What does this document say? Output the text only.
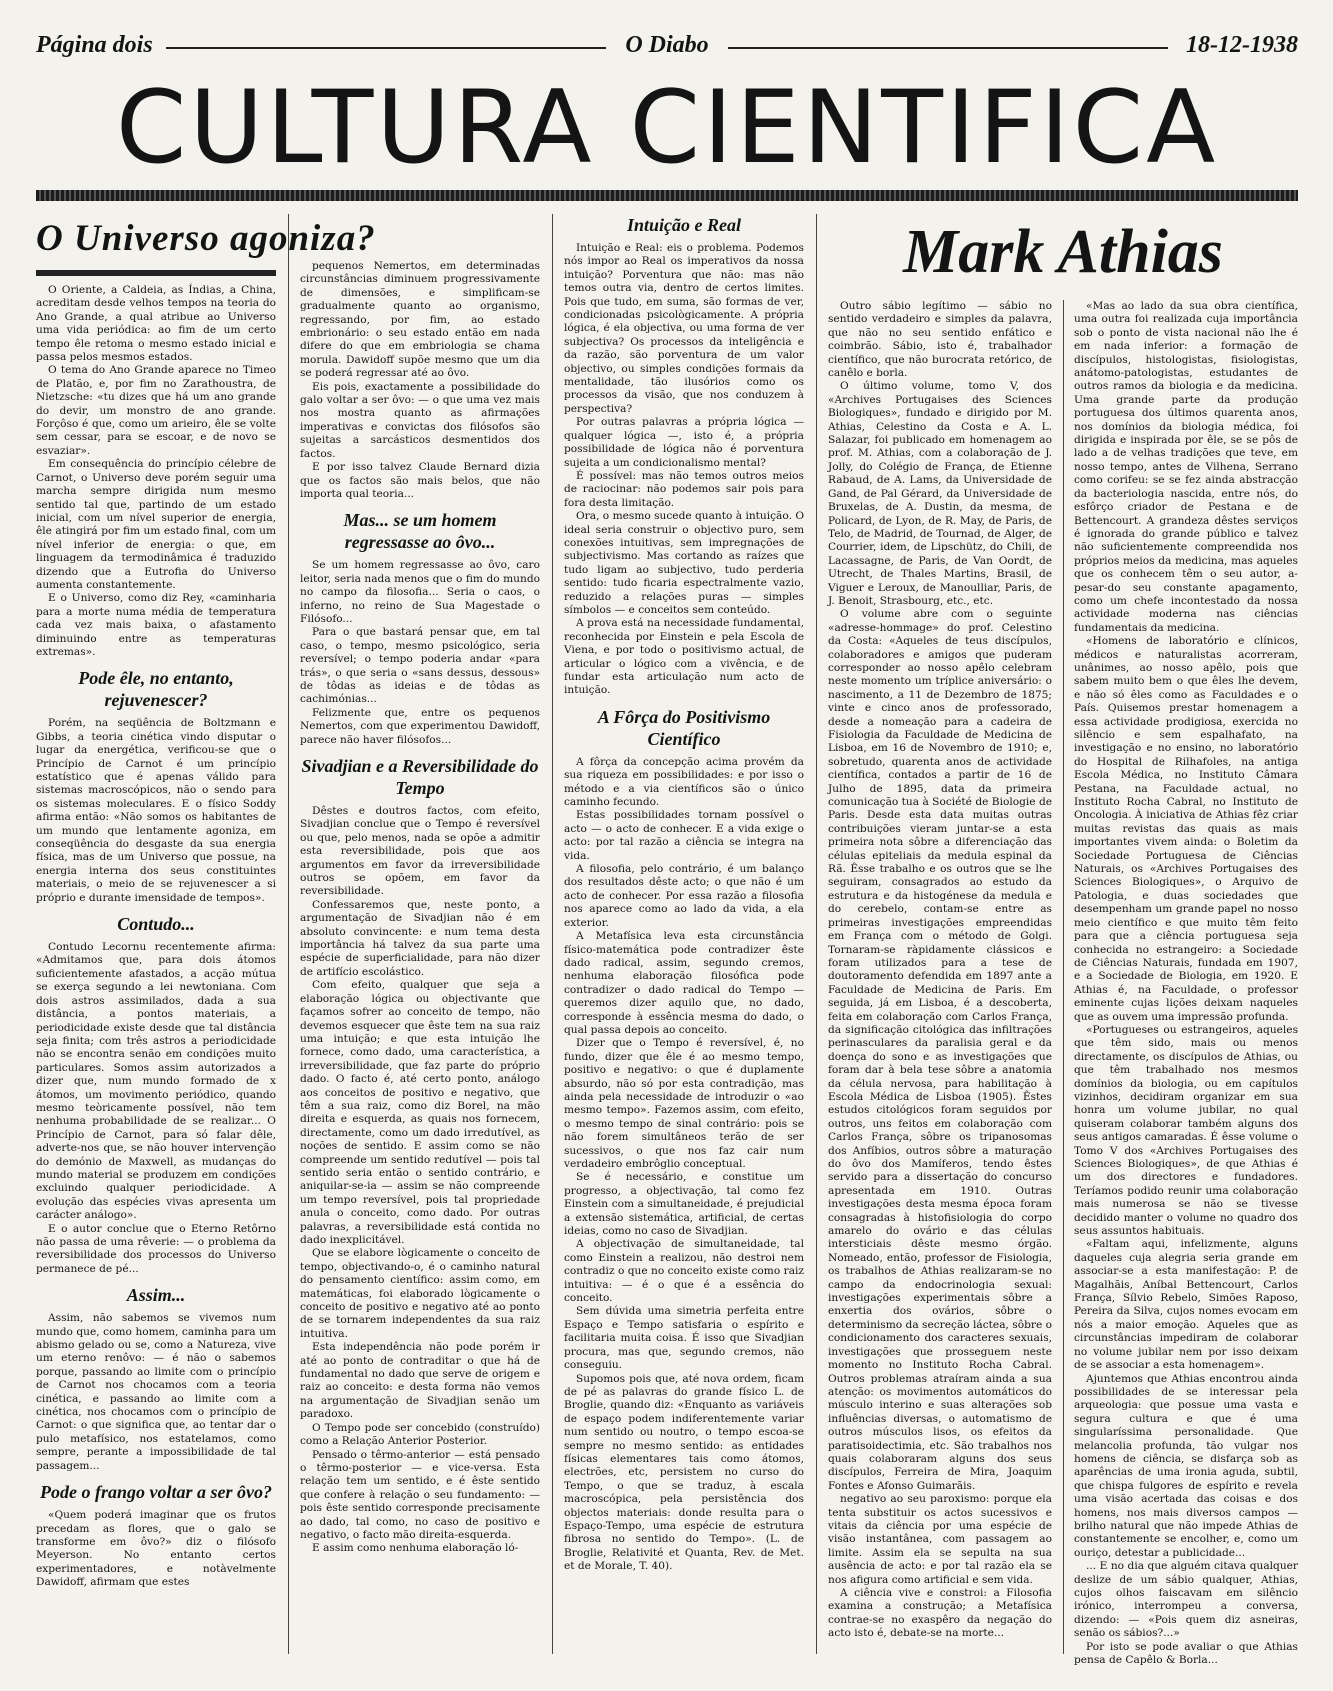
Página dois	O Diabo	18-12-1938
CULTURA CIENTIFICA
O Universo agoniza?

O Oriente, a Caldeia, as Índias, a China, acreditam desde velhos tempos na teoria do Ano Grande, a qual atribue ao Universo uma vida periódica: ao fim de um certo tempo êle retoma o mesmo estado inicial e passa pelos mesmos estados.

O tema do Ano Grande aparece no Timeo de Platão, e, por fim no Zarathoustra, de Nietzsche: «tu dizes que há um ano grande do devir, um monstro de ano grande. Forçôso é que, como um arieiro, êle se volte sem cessar, para se escoar, e de novo se esvaziar».

Em consequência do princípio célebre de Carnot, o Universo deve porém seguir uma marcha sempre dirigida num mesmo sentido tal que, partindo de um estado inicial, com um nível superior de energia, êle atingirá por fim um estado final, com um nível inferior de energia: o que, em linguagem da termodinâmica é traduzido dizendo que a Eutrofia do Universo aumenta constantemente.

E o Universo, como diz Rey, «caminharia para a morte numa média de temperatura cada vez mais baixa, o afastamento diminuindo entre as temperaturas extremas».

Pode êle, no entanto, rejuvenescer?

Porém, na seqüência de Boltzmann e Gibbs, a teoria cinética vindo disputar o lugar da energética, verificou-se que o Princípio de Carnot é um princípio estatístico que é apenas válido para sistemas macroscópicos, não o sendo para os sistemas moleculares. E o físico Soddy afirma então: «Não somos os habitantes de um mundo que lentamente agoniza, em conseqüência do desgaste da sua energia física, mas de um Universo que possue, na energia interna dos seus constituintes materiais, o meio de se rejuvenescer a si próprio e durante imensidade de tempos».

Contudo...

Contudo Lecornu recentemente afirma: «Admitamos que, para dois átomos suficientemente afastados, a acção mútua se exerça segundo a lei newtoniana. Com dois astros assimilados, dada a sua distância, a pontos materiais, a periodicidade existe desde que tal distância seja finita; com três astros a periodicidade não se encontra senão em condições muito particulares. Somos assim autorizados a dizer que, num mundo formado de x átomos, um movimento periódico, quando mesmo teòricamente possível, não tem nenhuma probabilidade de se realizar... O Princípio de Carnot, para só falar dêle, adverte-nos que, se não houver intervenção do demónio de Maxwell, as mudanças do mundo material se produzem em condições excluindo qualquer periodicidade. A evolução das espécies vivas apresenta um carácter análogo».

E o autor conclue que o Eterno Retôrno não passa de uma rêverie: — o problema da reversibilidade dos processos do Universo permanece de pé...

Assim...

Assim, não sabemos se vivemos num mundo que, como homem, caminha para um abismo gelado ou se, como a Natureza, vive um eterno renôvo: — é não o sabemos porque, passando ao limite com o princípio de Carnot nos chocamos com a teoria cinética, e passando ao limite com a cinética, nos chocamos com o princípio de Carnot: o que significa que, ao tentar dar o pulo metafísico, nos estatelamos, como sempre, perante a impossibilidade de tal passagem...

Pode o frango voltar a ser ôvo?

«Quem poderá imaginar que os frutos precedam as flores, que o galo se transforme em ôvo?» diz o filósofo Meyerson. No entanto certos experimentadores, e notàvelmente Dawidoff, afirmam que estes

pequenos Nemertos, em determinadas circunstâncias diminuem progressivamente de dimensões, e simplificam-se gradualmente quanto ao organismo, regressando, por fim, ao estado embrionário: o seu estado então em nada difere do que em embriologia se chama morula. Dawidoff supõe mesmo que um dia se poderá regressar até ao ôvo.

Eis pois, exactamente a possibilidade do galo voltar a ser ôvo: — o que uma vez mais nos mostra quanto as afirmações imperativas e convictas dos filósofos são sujeitas a sarcásticos desmentidos dos factos.

E por isso talvez Claude Bernard dizia que os factos são mais belos, que não importa qual teoria...

Mas... se um homem regressasse ao ôvo...

Se um homem regressasse ao ôvo, caro leitor, seria nada menos que o fim do mundo no campo da filosofia... Seria o caos, o inferno, no reino de Sua Magestade o Filósofo...

Para o que bastará pensar que, em tal caso, o tempo, mesmo psicológico, seria reversível; o tempo poderia andar «para trás», o que seria o «sans dessus, dessous» de tôdas as ideias e de tôdas as cachimónias...

Felizmente que, entre os pequenos Nemertos, com que experimentou Dawidoff, parece não haver filósofos...

Sivadjian e a Reversibilidade do Tempo

Dêstes e doutros factos, com efeito, Sivadjian conclue que o Tempo é reversível ou que, pelo menos, nada se opõe a admitir esta reversibilidade, pois que aos argumentos em favor da irreversibilidade outros se opõem, em favor da reversibilidade.

Confessaremos que, neste ponto, a argumentação de Sivadjian não é em absoluto convincente: e num tema desta importância há talvez da sua parte uma espécie de superficialidade, para não dizer de artifício escolástico.

Com efeito, qualquer que seja a elaboração lógica ou objectivante que façamos sofrer ao conceito de tempo, não devemos esquecer que êste tem na sua raiz uma intuição; e que esta intuição lhe fornece, como dado, uma característica, a irreversibilidade, que faz parte do próprio dado. O facto é, até certo ponto, análogo aos conceitos de positivo e negativo, que têm a sua raiz, como diz Borel, na mão direita e esquerda, as quais nos fornecem, directamente, como um dado irredutível, as noções de sentido. E assim como se não compreende um sentido redutível — pois tal sentido seria então o sentido contrário, e aniquilar-se-ia — assim se não compreende um tempo reversível, pois tal propriedade anula o conceito, como dado. Por outras palavras, a reversibilidade está contida no dado inexplicitável.

Que se elabore lògicamente o conceito de tempo, objectivando-o, é o caminho natural do pensamento científico: assim como, em matemáticas, foi elaborado lògicamente o conceito de positivo e negativo até ao ponto de se tornarem independentes da sua raiz intuitiva.

Esta independência não pode porém ir até ao ponto de contraditar o que há de fundamental no dado que serve de origem e raiz ao conceito: e desta forma não vemos na argumentação de Sivadjian senão um paradoxo.

O Tempo pode ser concebido (construído) como a Relação Anterior Posterior.

Pensado o têrmo-anterior — está pensado o têrmo-posterior — e vice-versa. Esta relação tem um sentido, e é êste sentido que confere à relação o seu fundamento: — pois êste sentido corresponde precisamente ao dado, tal como, no caso de positivo e negativo, o facto mão direita-esquerda.

E assim como nenhuma elaboração ló-

Intuição e Real

Intuição e Real: eis o problema. Podemos nós impor ao Real os imperativos da nossa intuição? Porventura que não: mas não temos outra via, dentro de certos limites. Pois que tudo, em suma, são formas de ver, condicionadas psicològicamente. A própria lógica, é ela objectiva, ou uma forma de ver subjectiva? Os processos da inteligência e da razão, são porventura de um valor objectivo, ou simples condições formais da mentalidade, tão ilusórios como os processos da visão, que nos conduzem à perspectiva?

Por outras palavras a própria lógica — qualquer lógica —, isto é, a própria possibilidade de lógica não é porventura sujeita a um condicionalismo mental?

É possível: mas não temos outros meios de raciocinar: não podemos sair pois para fora desta limitação.

Ora, o mesmo sucede quanto à intuição. O ideal seria construir o objectivo puro, sem conexões intuitivas, sem impregnações de subjectivismo. Mas cortando as raízes que tudo ligam ao subjectivo, tudo perderia sentido: tudo ficaria espectralmente vazio, reduzido a relações puras — simples símbolos — e conceitos sem conteúdo.

A prova está na necessidade fundamental, reconhecida por Einstein e pela Escola de Viena, e por todo o positivismo actual, de articular o lógico com a vivência, e de fundar esta articulação num acto de intuição.

A Fôrça do Positivismo Científico

A fôrça da concepção acima provém da sua riqueza em possibilidades: e por isso o método e a via científicos são o único caminho fecundo.

Estas possibilidades tornam possível o acto — o acto de conhecer. E a vida exige o acto: por tal razão a ciência se integra na vida.

A filosofia, pelo contrário, é um balanço dos resultados dêste acto; o que não é um acto de conhecer. Por essa razão a filosofia nos aparece como ao lado da vida, a ela exterior.

A Metafísica leva esta circunstância físico-matemática pode contradizer êste dado radical, assim, segundo cremos, nenhuma elaboração filosófica pode contradizer o dado radical do Tempo — queremos dizer aquilo que, no dado, corresponde à essência mesma do dado, o qual passa depois ao conceito.

Dizer que o Tempo é reversível, é, no fundo, dizer que êle é ao mesmo tempo, positivo e negativo: o que é duplamente absurdo, não só por esta contradição, mas ainda pela necessidade de introduzir o «ao mesmo tempo». Fazemos assim, com efeito, o mesmo tempo de sinal contrário: pois se não forem simultâneos terão de ser sucessivos, o que nos faz cair num verdadeiro embrôglio conceptual.

Se é necessário, e constitue um progresso, a objectivação, tal como fez Einstein com a simultaneidade, é prejudicial a extensão sistemática, artificial, de certas ideias, como no caso de Sivadjian.

A objectivação de simultaneidade, tal como Einstein a realizou, não destroi nem contradiz o que no conceito existe como raiz intuitiva: — é o que é a essência do conceito.

Sem dúvida uma simetria perfeita entre Espaço e Tempo satisfaria o espírito e facilitaria muita coisa. É isso que Sivadjian procura, mas que, segundo cremos, não conseguiu.

Supomos pois que, até nova ordem, ficam de pé as palavras do grande físico L. de Broglie, quando diz: «Enquanto as variáveis de espaço podem indiferentemente variar num sentido ou noutro, o tempo escoa-se sempre no mesmo sentido: as entidades físicas elementares tais como átomos, electrões, etc, persistem no curso do Tempo, o que se traduz, à escala macroscópica, pela persistência dos objectos materiais: donde resulta para o Espaço-Tempo, uma espécie de estrutura fibrosa no sentido do Tempo». (L. de Broglie, Relativité et Quanta, Rev. de Met. et de Morale, T. 40).

Mark Athias

Outro sábio legítimo — sábio no sentido verdadeiro e simples da palavra, que não no seu sentido enfático e coimbrão. Sábio, isto é, trabalhador científico, que não burocrata retórico, de canêlo e borla.

O último volume, tomo V, dos «Archives Portugaises des Sciences Biologiques», fundado e dirigido por M. Athias, Celestino da Costa e A. L. Salazar, foi publicado em homenagem ao prof. M. Athias, com a colaboração de J. Jolly, do Colégio de França, de Etienne Rabaud, de A. Lams, da Universidade de Gand, de Pal Gérard, da Universidade de Bruxelas, de A. Dustin, da mesma, de Policard, de Lyon, de R. May, de Paris, de Telo, de Madrid, de Tournad, de Alger, de Courrier, idem, de Lipschütz, do Chili, de Lacassagne, de Paris, de Van Oordt, de Utrecht, de Thales Martins, Brasil, de Viguer e Leroux, de Manoulliar, Paris, de J. Benoit, Strasbourg, etc., etc.

O volume abre com o seguinte «adresse-hommage» do prof. Celestino da Costa: «Aqueles de teus discípulos, colaboradores e amigos que puderam corresponder ao nosso apêlo celebram neste momento um tríplice aniversário: o nascimento, a 11 de Dezembro de 1875; vinte e cinco anos de professorado, desde a nomeação para a cadeira de Fisiologia da Faculdade de Medicina de Lisboa, em 16 de Novembro de 1910; e, sobretudo, quarenta anos de actividade científica, contados a partir de 16 de Julho de 1895, data da primeira comunicação tua à Société de Biologie de Paris. Desde esta data muitas outras contribuições vieram juntar-se a esta primeira nota sôbre a diferenciação das células epiteliais da medula espinal da Rã. Êsse trabalho e os outros que se lhe seguiram, consagrados ao estudo da estrutura e da histogénese da medula e do cerebelo, contam-se entre as primeiras investigações empreendidas em França com o método de Golgi. Tornaram-se ràpidamente clássicos e foram utilizados para a tese de doutoramento defendida em 1897 ante a Faculdade de Medicina de Paris. Em seguida, já em Lisboa, é a descoberta, feita em colaboração com Carlos França, da significação citológica das infiltrações perinasculares da paralisia geral e da doença do sono e as investigações que foram dar à bela tese sôbre a anatomia da célula nervosa, para habilitação à Escola Médica de Lisboa (1905). Êstes estudos citológicos foram seguidos por outros, uns feitos em colaboração com Carlos França, sôbre os tripanosomas dos Anfíbios, outros sôbre a maturação do ôvo dos Mamíferos, tendo êstes servido para a dissertação do concurso apresentada em 1910. Outras investigações desta mesma época foram consagradas à histofisiologia do corpo amarelo do ovário e das células intersticiais dêste mesmo órgão. Nomeado, então, professor de Fisiologia, os trabalhos de Athias realizaram-se no campo da endocrinologia sexual: investigações experimentais sôbre a enxertia dos ovários, sôbre o determinismo da secreção láctea, sôbre o condicionamento dos caracteres sexuais, investigações que prosseguem neste momento no Instituto Rocha Cabral. Outros problemas atraíram ainda a sua atenção: os movimentos automáticos do músculo interino e suas alterações sob influências diversas, o automatismo de outros músculos lisos, os efeitos da paratisoidectimia, etc. São trabalhos nos quais colaboraram alguns dos seus discípulos, Ferreira de Mira, Joaquim Fontes e Afonso Guimarãis.

negativo ao seu paroxismo: porque ela tenta substituir os actos sucessivos e vitais da ciência por uma espécie de visão instantânea, com passagem ao limite. Assim ela se sepulta na sua ausência de acto: e por tal razão ela se nos afigura como artificial e sem vida.

A ciência vive e constroi: a Filosofia examina a construção; a Metafísica contrae-se no exaspêro da negação do acto isto é, debate-se na morte...

«Mas ao lado da sua obra científica, uma outra foi realizada cuja importância sob o ponto de vista nacional não lhe é em nada inferior: a formação de discípulos, histologistas, fisiologistas, anátomo-patologistas, estudantes de outros ramos da biologia e da medicina. Uma grande parte da produção portuguesa dos últimos quarenta anos, nos domínios da biologia médica, foi dirigida e inspirada por êle, se se pôs de lado a de velhas tradições que teve, em nosso tempo, antes de Vilhena, Serrano como corifeu: se se fez ainda abstracção da bacteriologia nascida, entre nós, do esfôrço criador de Pestana e de Bettencourt. A grandeza dêstes serviços é ignorada do grande público e talvez não suficientemente compreendida nos próprios meios da medicina, mas aqueles que os conhecem têm o seu autor, a-pesar-do seu constante apagamento, como um chefe incontestado da nossa actividade moderna nas ciências fundamentais da medicina.

«Homens de laboratório e clínicos, médicos e naturalistas acorreram, unânimes, ao nosso apêlo, pois que sabem muito bem o que êles lhe devem, e não só êles como as Faculdades e o País. Quisemos prestar homenagem a essa actividade prodigiosa, exercida no silêncio e sem espalhafato, na investigação e no ensino, no laboratório do Hospital de Rilhafoles, na antiga Escola Médica, no Instituto Câmara Pestana, na Faculdade actual, no Instituto Rocha Cabral, no Instituto de Oncologia. À iniciativa de Athias fêz criar muitas revistas das quais as mais importantes vivem ainda: o Boletim da Sociedade Portuguesa de Ciências Naturais, os «Archives Portugaises des Sciences Biologiques», o Arquivo de Patologia, e duas sociedades que desempenham um grande papel no nosso meio científico e que muito têm feito para que a ciência portuguesa seja conhecida no estrangeiro: a Sociedade de Ciências Naturais, fundada em 1907, e a Sociedade de Biologia, em 1920. E Athias é, na Faculdade, o professor eminente cujas lições deixam naqueles que as ouvem uma impressão profunda.

«Portugueses ou estrangeiros, aqueles que têm sido, mais ou menos directamente, os discípulos de Athias, ou que têm trabalhado nos mesmos domínios da biologia, ou em capítulos vizinhos, decidiram organizar em sua honra um volume jubilar, no qual quiseram colaborar também alguns dos seus antigos camaradas. É êsse volume o Tomo V dos «Archives Portugaises des Sciences Biologiques», de que Athias é um dos directores e fundadores. Teríamos podido reunir uma colaboração mais numerosa se não se tivesse decidido manter o volume no quadro dos seus assuntos habituais.

«Faltam aqui, infelizmente, alguns daqueles cuja alegria seria grande em associar-se a esta manifestação: P. de Magalhãis, Aníbal Bettencourt, Carlos França, Sílvio Rebelo, Simões Raposo, Pereira da Silva, cujos nomes evocam em nós a maior emoção. Aqueles que as circunstâncias impediram de colaborar no volume jubilar nem por isso deixam de se associar a esta homenagem».

Ajuntemos que Athias encontrou ainda possibilidades de se interessar pela arqueologia: que possue uma vasta e segura cultura e que é uma singularíssima personalidade. Que melancolia profunda, tão vulgar nos homens de ciência, se disfarça sob as aparências de uma ironia aguda, subtil, que chispa fulgores de espírito e revela uma visão acertada das coisas e dos homens, nos mais diversos campos — brilho natural que não impede Athias de constantemente se encolher, e, como um ouriço, detestar a publicidade...

... E no dia que alguém citava qualquer deslize de um sábio qualquer, Athias, cujos olhos faiscavam em silêncio irónico, interrompeu a conversa, dizendo: — «Pois quem diz asneiras, senão os sábios?...»

Por isto se pode avaliar o que Athias pensa de Capêlo & Borla...
